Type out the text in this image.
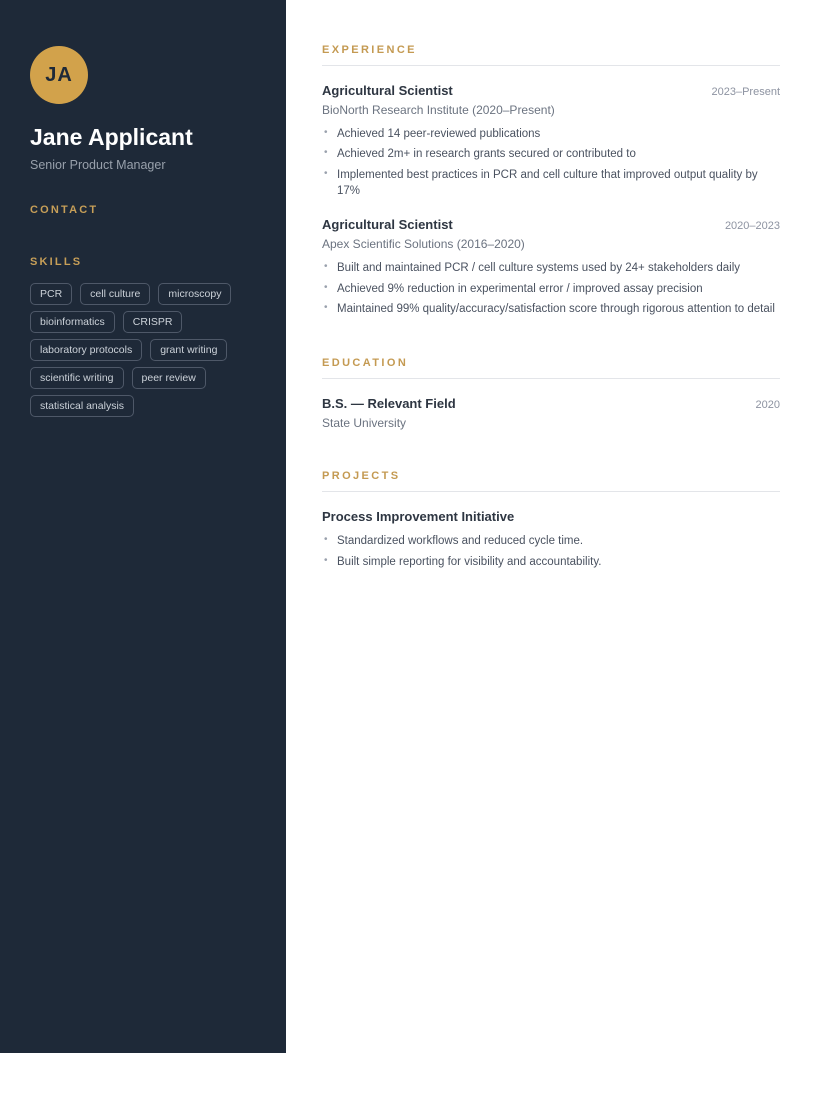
JA
Jane Applicant
Senior Product Manager
CONTACT
SKILLS
PCR	cell culture	microscopy
bioinformatics	CRISPR
laboratory protocols	grant writing
scientific writing	peer review
statistical analysis
EXPERIENCE
Agricultural Scientist	2023–Present
BioNorth Research Institute (2020–Present)
• Achieved 14 peer-reviewed publications
• Achieved 2m+ in research grants secured or contributed to
• Implemented best practices in PCR and cell culture that improved output quality by 17%
Agricultural Scientist	2020–2023
Apex Scientific Solutions (2016–2020)
• Built and maintained PCR / cell culture systems used by 24+ stakeholders daily
• Achieved 9% reduction in experimental error / improved assay precision
• Maintained 99% quality/accuracy/satisfaction score through rigorous attention to detail
EDUCATION
B.S. — Relevant Field	2020
State University
PROJECTS
Process Improvement Initiative
• Standardized workflows and reduced cycle time.
• Built simple reporting for visibility and accountability.
